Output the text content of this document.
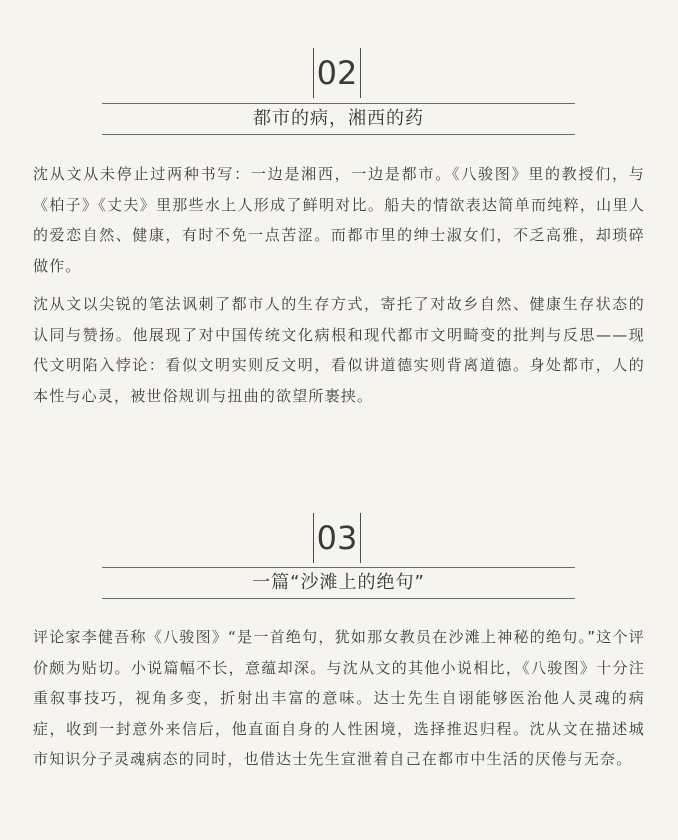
02
都市的病，湘西的药

沈从文从未停止过两种书写：一边是湘西，一边是都市。《八骏图》里的教授们，与《柏子》《丈夫》里那些水上人形成了鲜明对比。船夫的情欲表达简单而纯粹，山里人的爱恋自然、健康，有时不免一点苦涩。而都市里的绅士淑女们，不乏高雅，却琐碎做作。

沈从文以尖锐的笔法讽刺了都市人的生存方式，寄托了对故乡自然、健康生存状态的认同与赞扬。他展现了对中国传统文化病根和现代都市文明畸变的批判与反思——现代文明陷入悖论：看似文明实则反文明，看似讲道德实则背离道德。身处都市，人的本性与心灵，被世俗规训与扭曲的欲望所裹挟。

03
一篇“沙滩上的绝句”

评论家李健吾称《八骏图》“是一首绝句，犹如那女教员在沙滩上神秘的绝句。”这个评价颇为贴切。小说篇幅不长，意蕴却深。与沈从文的其他小说相比，《八骏图》十分注重叙事技巧，视角多变，折射出丰富的意味。达士先生自诩能够医治他人灵魂的病症，收到一封意外来信后，他直面自身的人性困境，选择推迟归程。沈从文在描述城市知识分子灵魂病态的同时，也借达士先生宣泄着自己在都市中生活的厌倦与无奈。
